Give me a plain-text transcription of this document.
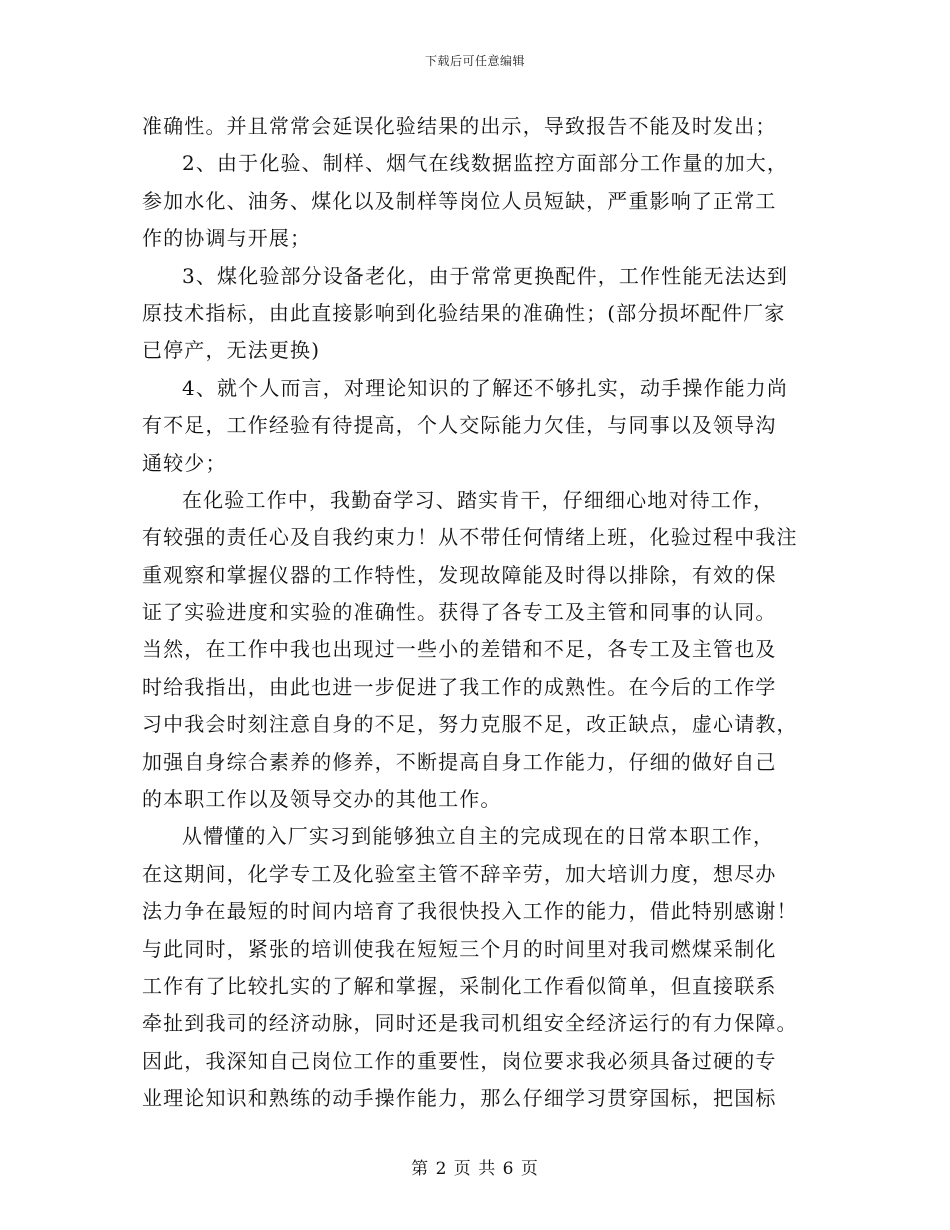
下载后可任意编辑
准确性。并且常常会延误化验结果的出示，导致报告不能及时发出；
2、由于化验、制样、烟气在线数据监控方面部分工作量的加大，
参加水化、油务、煤化以及制样等岗位人员短缺，严重影响了正常工
作的协调与开展；
3、煤化验部分设备老化，由于常常更换配件，工作性能无法达到
原技术指标，由此直接影响到化验结果的准确性；(部分损坏配件厂家
已停产，无法更换)
4、就个人而言，对理论知识的了解还不够扎实，动手操作能力尚
有不足，工作经验有待提高，个人交际能力欠佳，与同事以及领导沟
通较少；
在化验工作中，我勤奋学习、踏实肯干，仔细细心地对待工作，
有较强的责任心及自我约束力！从不带任何情绪上班，化验过程中我注
重观察和掌握仪器的工作特性，发现故障能及时得以排除，有效的保
证了实验进度和实验的准确性。获得了各专工及主管和同事的认同。
当然，在工作中我也出现过一些小的差错和不足，各专工及主管也及
时给我指出，由此也进一步促进了我工作的成熟性。在今后的工作学
习中我会时刻注意自身的不足，努力克服不足，改正缺点，虚心请教，
加强自身综合素养的修养，不断提高自身工作能力，仔细的做好自己
的本职工作以及领导交办的其他工作。
从懵懂的入厂实习到能够独立自主的完成现在的日常本职工作，
在这期间，化学专工及化验室主管不辞辛劳，加大培训力度，想尽办
法力争在最短的时间内培育了我很快投入工作的能力，借此特别感谢！
与此同时，紧张的培训使我在短短三个月的时间里对我司燃煤采制化
工作有了比较扎实的了解和掌握，采制化工作看似简单，但直接联系
牵扯到我司的经济动脉，同时还是我司机组安全经济运行的有力保障。
因此，我深知自己岗位工作的重要性，岗位要求我必须具备过硬的专
业理论知识和熟练的动手操作能力，那么仔细学习贯穿国标，把国标
第 2 页 共 6 页
